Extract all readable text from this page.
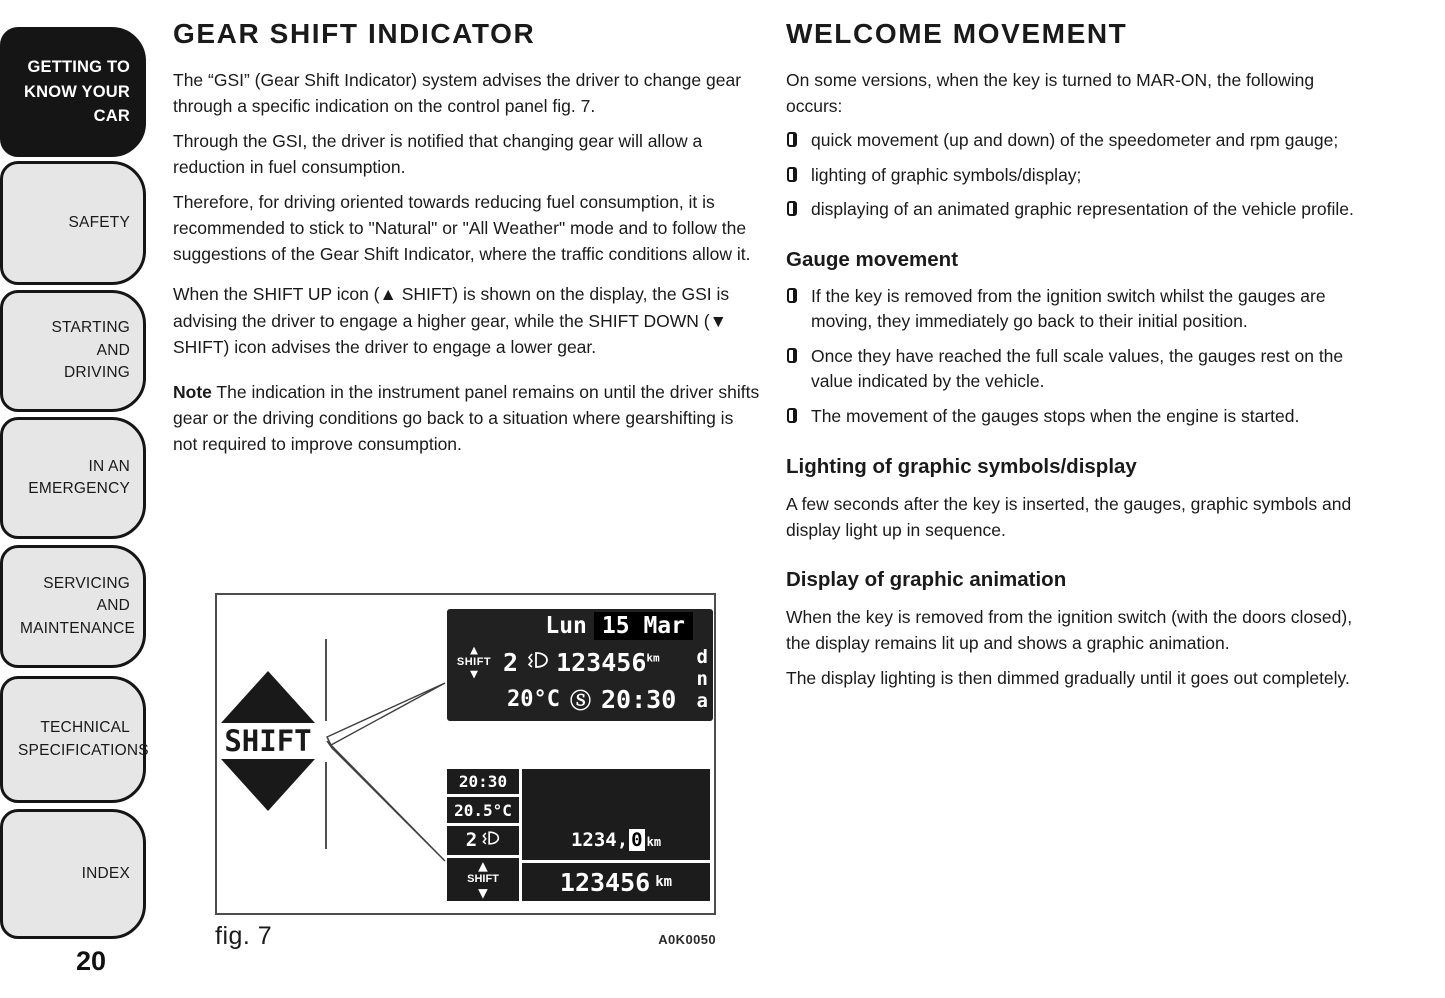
GETTING TO KNOW YOUR CAR
SAFETY
STARTING AND DRIVING
IN AN EMERGENCY
SERVICING AND MAINTENANCE
TECHNICAL SPECIFICATIONS
INDEX
20
GEAR SHIFT INDICATOR

The “GSI” (Gear Shift Indicator) system advises the driver to change gear through a specific indication on the control panel fig. 7.

Through the GSI, the driver is notified that changing gear will allow a reduction in fuel consumption.

Therefore, for driving oriented towards reducing fuel consumption, it is recommended to stick to "Natural" or "All Weather" mode and to follow the suggestions of the Gear Shift Indicator, where the traffic conditions allow it.

When the SHIFT UP icon (▲ SHIFT) is shown on the display, the GSI is advising the driver to engage a higher gear, while the SHIFT DOWN (▼ SHIFT) icon advises the driver to engage a lower gear.

Note The indication in the instrument panel remains on until the driver shifts gear or the driving conditions go back to a situation where gearshifting is not required to improve consumption.

SHIFT
Lun 15 Mar
▲
SHIFT
▼ 2 $123456^{km}$
20°C Ⓢ 20:30
d
n
a
20:30
20.5°C
2
▲
SHIFT
▼
1234, 0 km
123456 km
fig. 7	A0K0050
WELCOME MOVEMENT

On some versions, when the key is turned to MAR-ON, the following occurs:

quick movement (up and down) of the speedometer and rpm gauge;
lighting of graphic symbols/display;
displaying of an animated graphic representation of the vehicle profile.
Gauge movement
If the key is removed from the ignition switch whilst the gauges are moving, they immediately go back to their initial position.
Once they have reached the full scale values, the gauges rest on the value indicated by the vehicle.
The movement of the gauges stops when the engine is started.
Lighting of graphic symbols/display

A few seconds after the key is inserted, the gauges, graphic symbols and display light up in sequence.

Display of graphic animation

When the key is removed from the ignition switch (with the doors closed), the display remains lit up and shows a graphic animation.

The display lighting is then dimmed gradually until it goes out completely.
